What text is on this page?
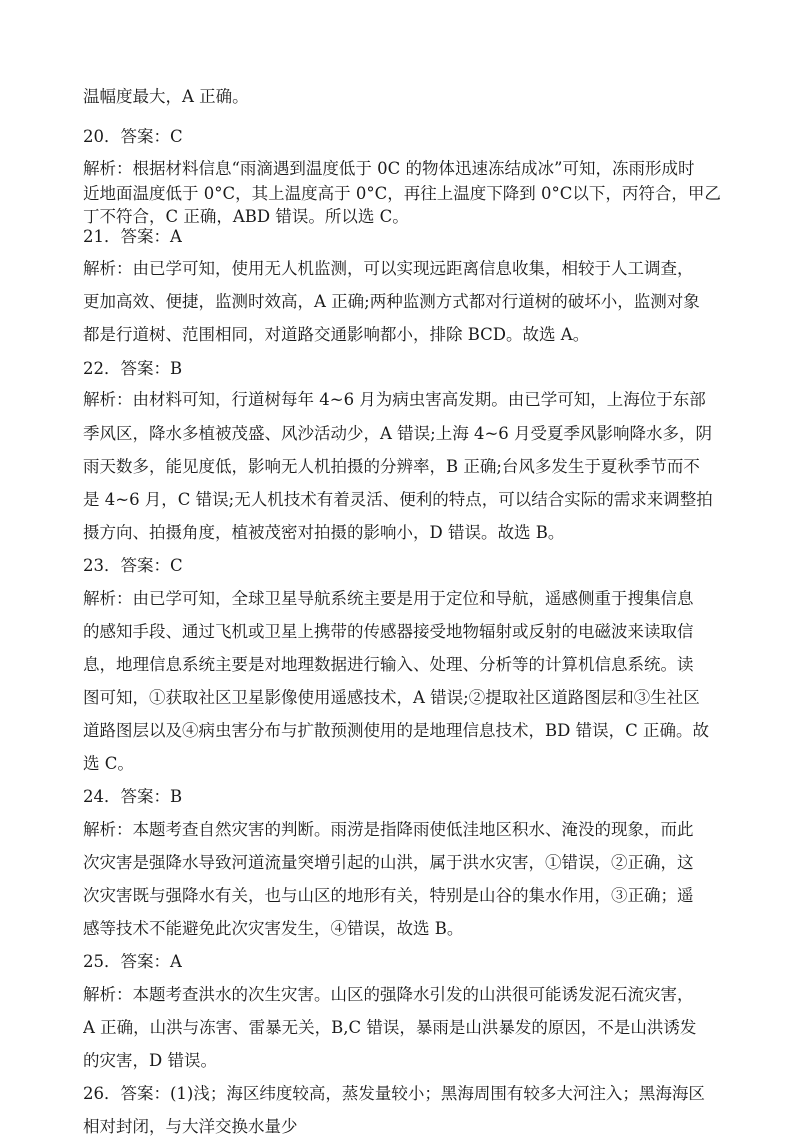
温幅度最大，A 正确。
20．答案：C
解析：根据材料信息“雨滴遇到温度低于 0C 的物体迅速冻结成冰”可知，冻雨形成时
近地面温度低于 0°C，其上温度高于 0°C，再往上温度下降到 0°C以下，丙符合，甲乙
丁不符合，C 正确，ABD 错误。所以选 C。
21．答案：A
解析：由已学可知，使用无人机监测，可以实现远距离信息收集，相较于人工调查，
更加高效、便捷，监测时效高，A 正确;两种监测方式都对行道树的破坏小，监测对象
都是行道树、范围相同，对道路交通影响都小，排除 BCD。故选 A。
22．答案：B
解析：由材料可知，行道树每年 4~6 月为病虫害高发期。由已学可知，上海位于东部
季风区，降水多植被茂盛、风沙活动少，A 错误;上海 4~6 月受夏季风影响降水多，阴
雨天数多，能见度低，影响无人机拍摄的分辨率，B 正确;台风多发生于夏秋季节而不
是 4~6 月，C 错误;无人机技术有着灵活、便利的特点，可以结合实际的需求来调整拍
摄方向、拍摄角度，植被茂密对拍摄的影响小，D 错误。故选 B。
23．答案：C
解析：由已学可知，全球卫星导航系统主要是用于定位和导航，遥感侧重于搜集信息
的感知手段、通过飞机或卫星上携带的传感器接受地物辐射或反射的电磁波来读取信
息，地理信息系统主要是对地理数据进行输入、处理、分析等的计算机信息系统。读
图可知，①获取社区卫星影像使用遥感技术，A 错误;②提取社区道路图层和③生社区
道路图层以及④病虫害分布与扩散预测使用的是地理信息技术，BD 错误，C 正确。故
选 C。
24．答案：B
解析：本题考查自然灾害的判断。雨涝是指降雨使低洼地区积水、淹没的现象，而此
次灾害是强降水导致河道流量突增引起的山洪，属于洪水灾害，①错误，②正确，这
次灾害既与强降水有关，也与山区的地形有关，特别是山谷的集水作用，③正确；遥
感等技术不能避免此次灾害发生，④错误，故选 B。
25．答案：A
解析：本题考查洪水的次生灾害。山区的强降水引发的山洪很可能诱发泥石流灾害，
A 正确，山洪与冻害、雷暴无关，B,C 错误，暴雨是山洪暴发的原因，不是山洪诱发
的灾害，D 错误。
26．答案：(1)浅；海区纬度较高，蒸发量较小；黑海周围有较多大河注入；黑海海区
相对封闭，与大洋交换水量少
